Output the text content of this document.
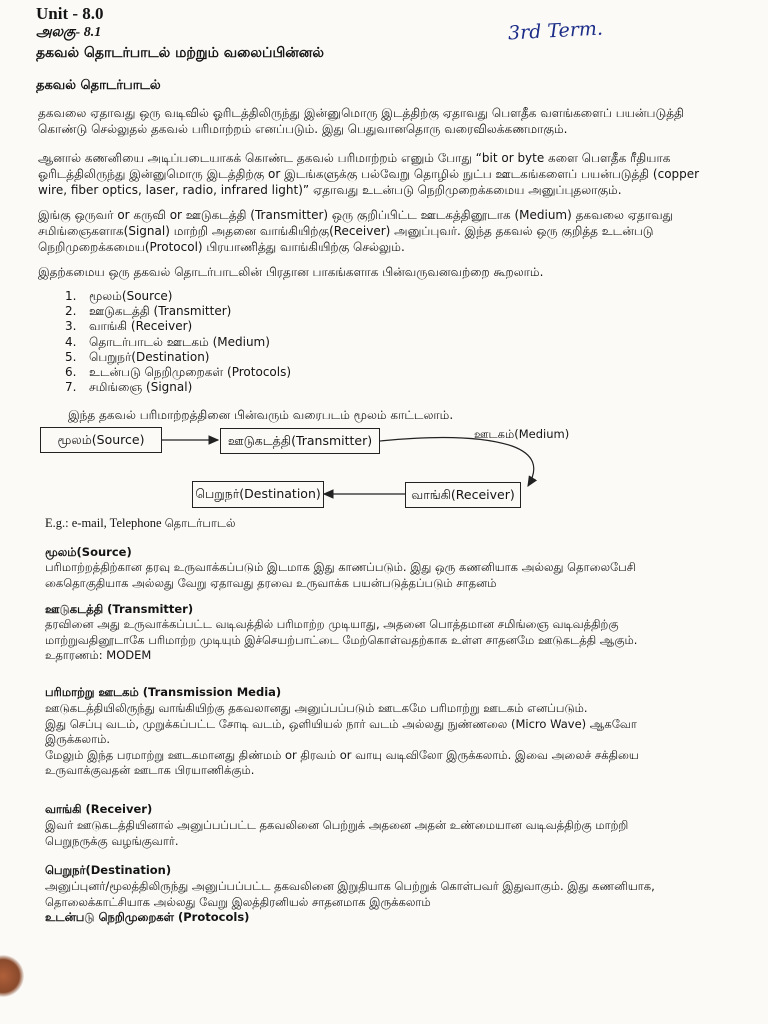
Unit - 8.0
அலகு- 8.1
தகவல் தொடர்பாடல் மற்றும் வலைப்பின்னல்
3rd Term.
தகவல் தொடர்பாடல்

தகவலை ஏதாவது ஒரு வடிவில் ஓரிடத்திலிருந்து இன்னுமொரு இடத்திற்கு ஏதாவது பௌதீக வளங்களைப் பயன்படுத்தி

கொண்டு செல்லுதல் தகவல் பரிமாற்றம் எனப்படும். இது பெதுவானதொரு வரைவிலக்கணமாகும்.

ஆனால் கணனியை அடிப்படையாகக் கொண்ட தகவல் பரிமாற்றம் எனும் போது “bit or byte களை பௌதீக ரீதியாக

ஓரிடத்திலிருந்து இன்னுமொரு இடத்திற்கு or இடங்களுக்கு பல்வேறு தொழில் நுட்ப ஊடகங்களைப் பயன்படுத்தி (copper

wire, fiber optics, laser, radio, infrared light)” ஏதாவது உடன்படு நெறிமுறைக்கமைய அனுப்புதலாகும்.

இங்கு ஒருவர் or கருவி or ஊடுகடத்தி (Transmitter) ஒரு குறிப்பிட்ட ஊடகத்தினூடாக (Medium) தகவலை ஏதாவது

சமிங்ஞைகளாக(Signal) மாற்றி அதனை வாங்கியிற்கு(Receiver) அனுப்புவர். இந்த தகவல் ஒரு குறித்த உடன்படு

நெறிமுறைக்கமைய(Protocol) பிரயாணித்து வாங்கியிற்கு செல்லும்.

இதற்கமைய ஒரு தகவல் தொடர்பாடலின் பிரதான பாகங்களாக பின்வருவனவற்றை கூறலாம்.

1. மூலம்(Source)
2. ஊடுகடத்தி (Transmitter)
3. வாங்கி (Receiver)
4. தொடர்பாடல் ஊடகம் (Medium)
5. பெறுநர்(Destination)
6. உடன்படு நெறிமுறைகள் (Protocols)
7. சமிங்ஞை (Signal)

இந்த தகவல் பரிமாற்றத்தினை பின்வரும் வரைபடம் மூலம் காட்டலாம்.

மூலம்(Source)	ஊடுகடத்தி(Transmitter)	ஊடகம்(Medium)
வாங்கி(Receiver)
பெறுநர்(Destination)
E.g.: e-mail, Telephone தொடர்பாடல்
மூலம்(Source)

பரிமாற்றத்திற்கான தரவு உருவாக்கப்படும் இடமாக இது காணப்படும். இது ஒரு கணனியாக அல்லது தொலைபேசி

கைதொகுதியாக அல்லது வேறு ஏதாவது தரவை உருவாக்க பயன்படுத்தப்படும் சாதனம்

ஊடுகடத்தி (Transmitter)

தரவினை அது உருவாக்கப்பட்ட வடிவத்தில் பரிமாற்ற முடியாது, அதனை பொத்தமான சமிங்ஞை வடிவத்திற்கு

மாற்றுவதினூடாகே பரிமாற்ற முடியும் இச்செயற்பாட்டை மேற்கொள்வதற்காக உள்ள சாதனமே ஊடுகடத்தி ஆகும்.

உதாரணம்: MODEM

பரிமாற்று ஊடகம் (Transmission Media)

ஊடுகடத்தியிலிருந்து வாங்கியிற்கு தகவலானது அனுப்பப்படும் ஊடகமே பரிமாற்று ஊடகம் எனப்படும்.

இது செப்பு வடம், முறுக்கப்பட்ட சோடி வடம், ஒளியியல் நார் வடம் அல்லது நுண்ணலை (Micro Wave) ஆகவோ

இருக்கலாம்.

மேலும் இந்த பரமாற்று ஊடகமானது திண்மம் or திரவம் or வாயு வடிவிலோ இருக்கலாம். இவை அலைச் சக்தியை

உருவாக்குவதன் ஊடாக பிரயாணிக்கும்.

வாங்கி (Receiver)

இவர் ஊடுகடத்தியினால் அனுப்பப்பட்ட தகவலினை பெற்றுக் அதனை அதன் உண்மையான வடிவத்திற்கு மாற்றி

பெறுநருக்கு வழங்குவார்.

பெறுநர்(Destination)

அனுப்புனர்/மூலத்திலிருந்து அனுப்பப்பட்ட தகவலினை இறுதியாக பெற்றுக் கொள்பவர் இதுவாகும். இது கணனியாக,

தொலைக்காட்சியாக அல்லது வேறு இலத்திரனியல் சாதனமாக இருக்கலாம்

உடன்படு நெறிமுறைகள் (Protocols)
